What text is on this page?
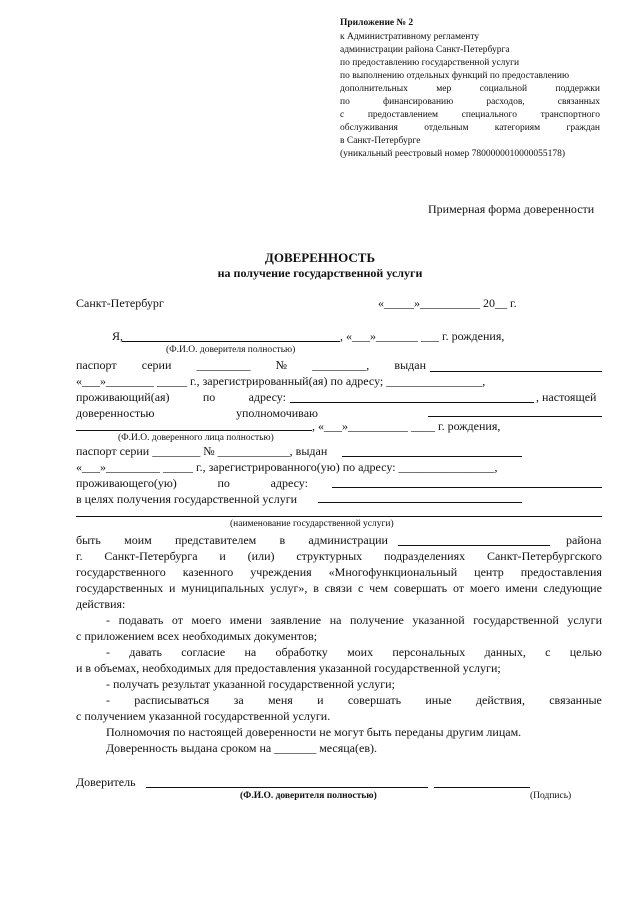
Приложение № 2
к Административному регламенту
администрации района Санкт-Петербурга
по предоставлению государственной услуги
по выполнению отдельных функций по предоставлению
дополнительных	мер	социальной	поддержки
по	финансированию	расходов,	связанных
с предоставлением специального транспортного
обслуживания	отдельным	категориям	граждан
в Санкт-Петербурге
(уникальный реестровый номер 7800000010000055178)
Примерная форма доверенности
ДОВЕРЕННОСТЬ
на получение государственной услуги
Санкт-Петербург	«_____»__________ 20__ г.
Я,	, «___»_______ ___ г. рождения,
(Ф.И.О. доверителя полностью)
паспорт серии _________ № _________, выдан
«___»________ _____ г., зарегистрированный(ая) по адресу; ________________,
проживающий(ая)	по	адресу:	, настоящей
доверенностью	уполномочиваю
, «___»__________ ____ г. рождения,
(Ф.И.О. доверенного лица полностью)
паспорт серии ________ № ____________, выдан
«___»_________ _____ г., зарегистрированного(ую) по адресу: ________________,
проживающего(ую)	по	адресу:
в целях получения государственной услуги
(наименование государственной услуги)
быть моим представителем в администрации	района
г. Санкт-Петербурга и (или) структурных подразделениях Санкт-Петербургского
государственного казенного учреждения «Многофункциональный центр предоставления
государственных и муниципальных услуг», в связи с чем совершать от моего имени следующие
действия:
- подавать от моего имени заявление на получение указанной государственной услуги
с приложением всех необходимых документов;
- давать согласие на обработку моих персональных данных, с целью
и в объемах, необходимых для предоставления указанной государственной услуги;
- получать результат указанной государственной услуги;
- расписываться за меня и совершать иные действия, связанные
с получением указанной государственной услуги.
Полномочия по настоящей доверенности не могут быть переданы другим лицам.
Доверенность выдана сроком на _______ месяца(ев).
Доверитель
(Ф.И.О. доверителя полностью)	(Подпись)
